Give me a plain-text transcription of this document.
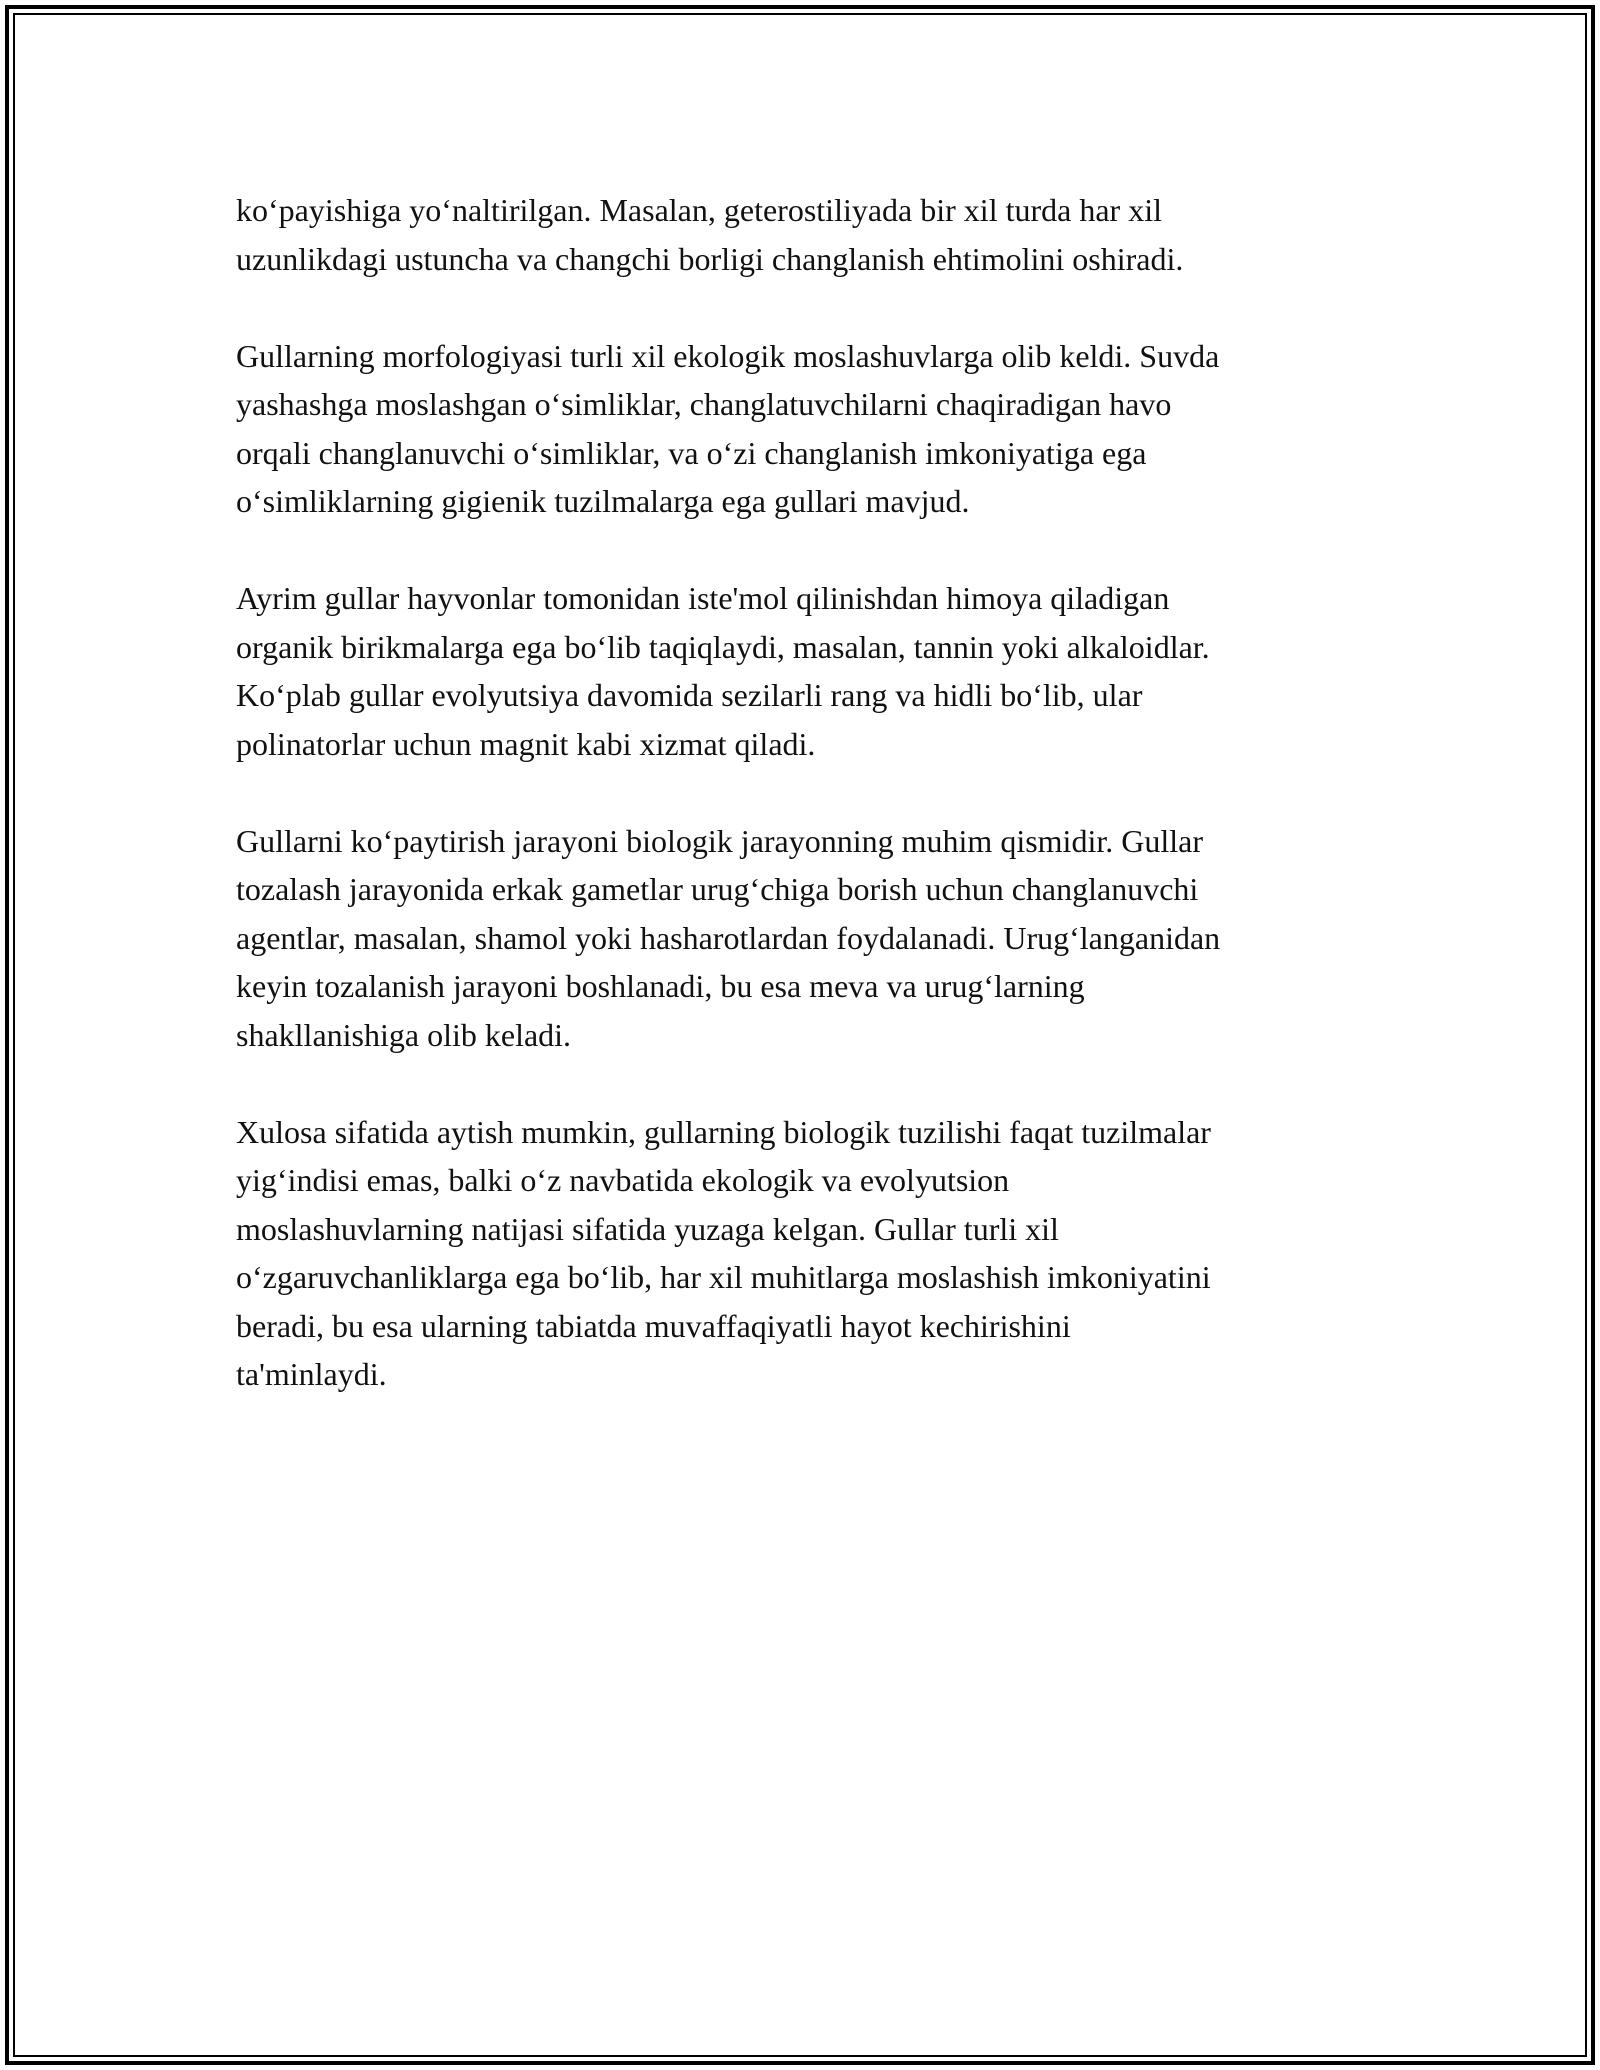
ko‘payishiga yo‘naltirilgan. Masalan, geterostiliyada bir xil turda har xil
uzunlikdagi ustuncha va changchi borligi changlanish ehtimolini oshiradi.

Gullarning morfologiyasi turli xil ekologik moslashuvlarga olib keldi. Suvda
yashashga moslashgan o‘simliklar, changlatuvchilarni chaqiradigan havo
orqali changlanuvchi o‘simliklar, va o‘zi changlanish imkoniyatiga ega
o‘simliklarning gigienik tuzilmalarga ega gullari mavjud.

Ayrim gullar hayvonlar tomonidan iste'mol qilinishdan himoya qiladigan
organik birikmalarga ega bo‘lib taqiqlaydi, masalan, tannin yoki alkaloidlar.
Ko‘plab gullar evolyutsiya davomida sezilarli rang va hidli bo‘lib, ular
polinatorlar uchun magnit kabi xizmat qiladi.

Gullarni ko‘paytirish jarayoni biologik jarayonning muhim qismidir. Gullar
tozalash jarayonida erkak gametlar urug‘chiga borish uchun changlanuvchi
agentlar, masalan, shamol yoki hasharotlardan foydalanadi. Urug‘langanidan
keyin tozalanish jarayoni boshlanadi, bu esa meva va urug‘larning
shakllanishiga olib keladi.

Xulosa sifatida aytish mumkin, gullarning biologik tuzilishi faqat tuzilmalar
yig‘indisi emas, balki o‘z navbatida ekologik va evolyutsion
moslashuvlarning natijasi sifatida yuzaga kelgan. Gullar turli xil
o‘zgaruvchanliklarga ega bo‘lib, har xil muhitlarga moslashish imkoniyatini
beradi, bu esa ularning tabiatda muvaffaqiyatli hayot kechirishini
ta'minlaydi.
